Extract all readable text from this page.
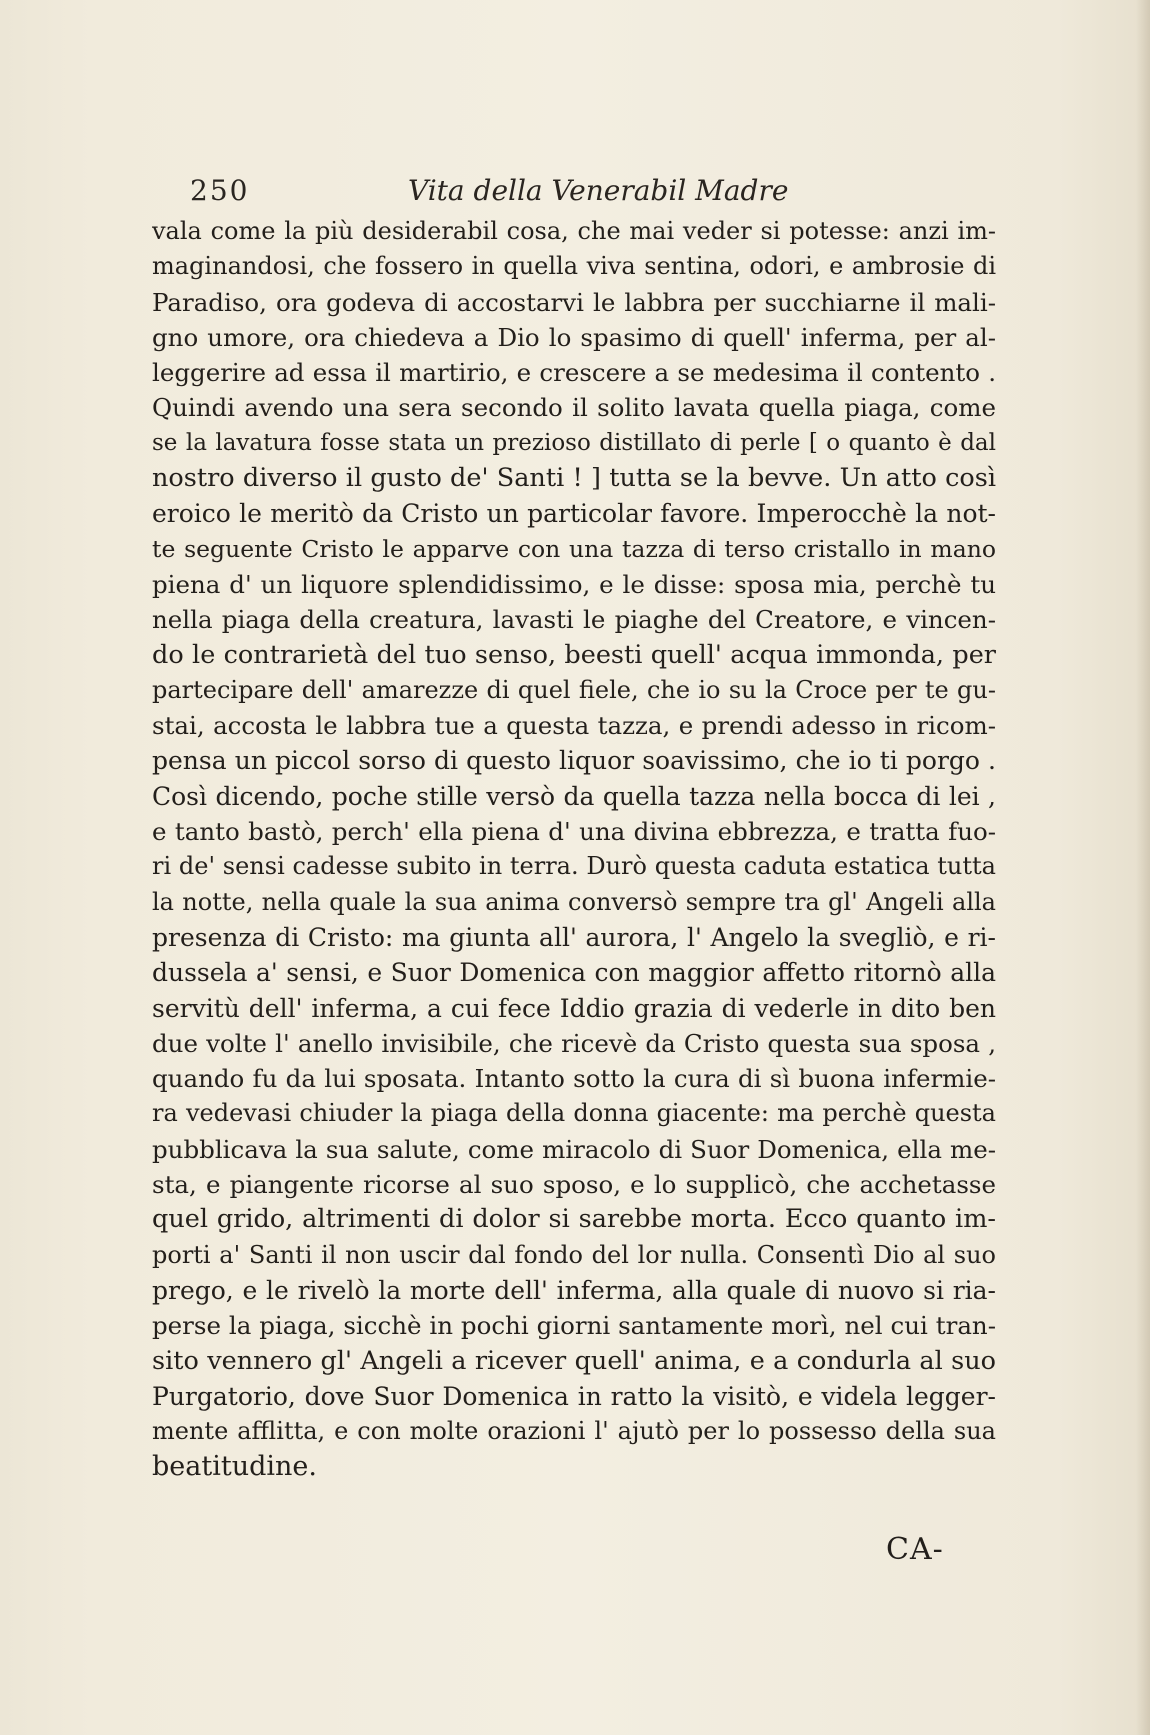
250	Vita della Venerabil Madre
vala come la più desiderabil cosa, che mai veder si potesse: anzi im-
maginandosi, che fossero in quella viva sentina, odori, e ambrosie di
Paradiso, ora godeva di accostarvi le labbra per succhiarne il mali-
gno umore, ora chiedeva a Dio lo spasimo di quell' inferma, per al-
leggerire ad essa il martirio, e crescere a se medesima il contento .
Quindi avendo una sera secondo il solito lavata quella piaga, come
se la lavatura fosse stata un prezioso distillato di perle [ o quanto è dal
nostro diverso il gusto de' Santi ! ] tutta se la bevve. Un atto così
eroico le meritò da Cristo un particolar favore. Imperocchè la not-
te seguente Cristo le apparve con una tazza di terso cristallo in mano
piena d' un liquore splendidissimo, e le disse: sposa mia, perchè tu
nella piaga della creatura, lavasti le piaghe del Creatore, e vincen-
do le contrarietà del tuo senso, beesti quell' acqua immonda, per
partecipare dell' amarezze di quel fiele, che io su la Croce per te gu-
stai, accosta le labbra tue a questa tazza, e prendi adesso in ricom-
pensa un piccol sorso di questo liquor soavissimo, che io ti porgo .
Così dicendo, poche stille versò da quella tazza nella bocca di lei ,
e tanto bastò, perch' ella piena d' una divina ebbrezza, e tratta fuo-
ri de' sensi cadesse subito in terra. Durò questa caduta estatica tutta
la notte, nella quale la sua anima conversò sempre tra gl' Angeli alla
presenza di Cristo: ma giunta all' aurora, l' Angelo la svegliò, e ri-
dussela a' sensi, e Suor Domenica con maggior affetto ritornò alla
servitù dell' inferma, a cui fece Iddio grazia di vederle in dito ben
due volte l' anello invisibile, che ricevè da Cristo questa sua sposa ,
quando fu da lui sposata. Intanto sotto la cura di sì buona infermie-
ra vedevasi chiuder la piaga della donna giacente: ma perchè questa
pubblicava la sua salute, come miracolo di Suor Domenica, ella me-
sta, e piangente ricorse al suo sposo, e lo supplicò, che acchetasse
quel grido, altrimenti di dolor si sarebbe morta. Ecco quanto im-
porti a' Santi il non uscir dal fondo del lor nulla. Consentì Dio al suo
prego, e le rivelò la morte dell' inferma, alla quale di nuovo si ria-
perse la piaga, sicchè in pochi giorni santamente morì, nel cui tran-
sito vennero gl' Angeli a ricever quell' anima, e a condurla al suo
Purgatorio, dove Suor Domenica in ratto la visitò, e videla legger-
mente afflitta, e con molte orazioni l' ajutò per lo possesso della sua
beatitudine.
CA-
